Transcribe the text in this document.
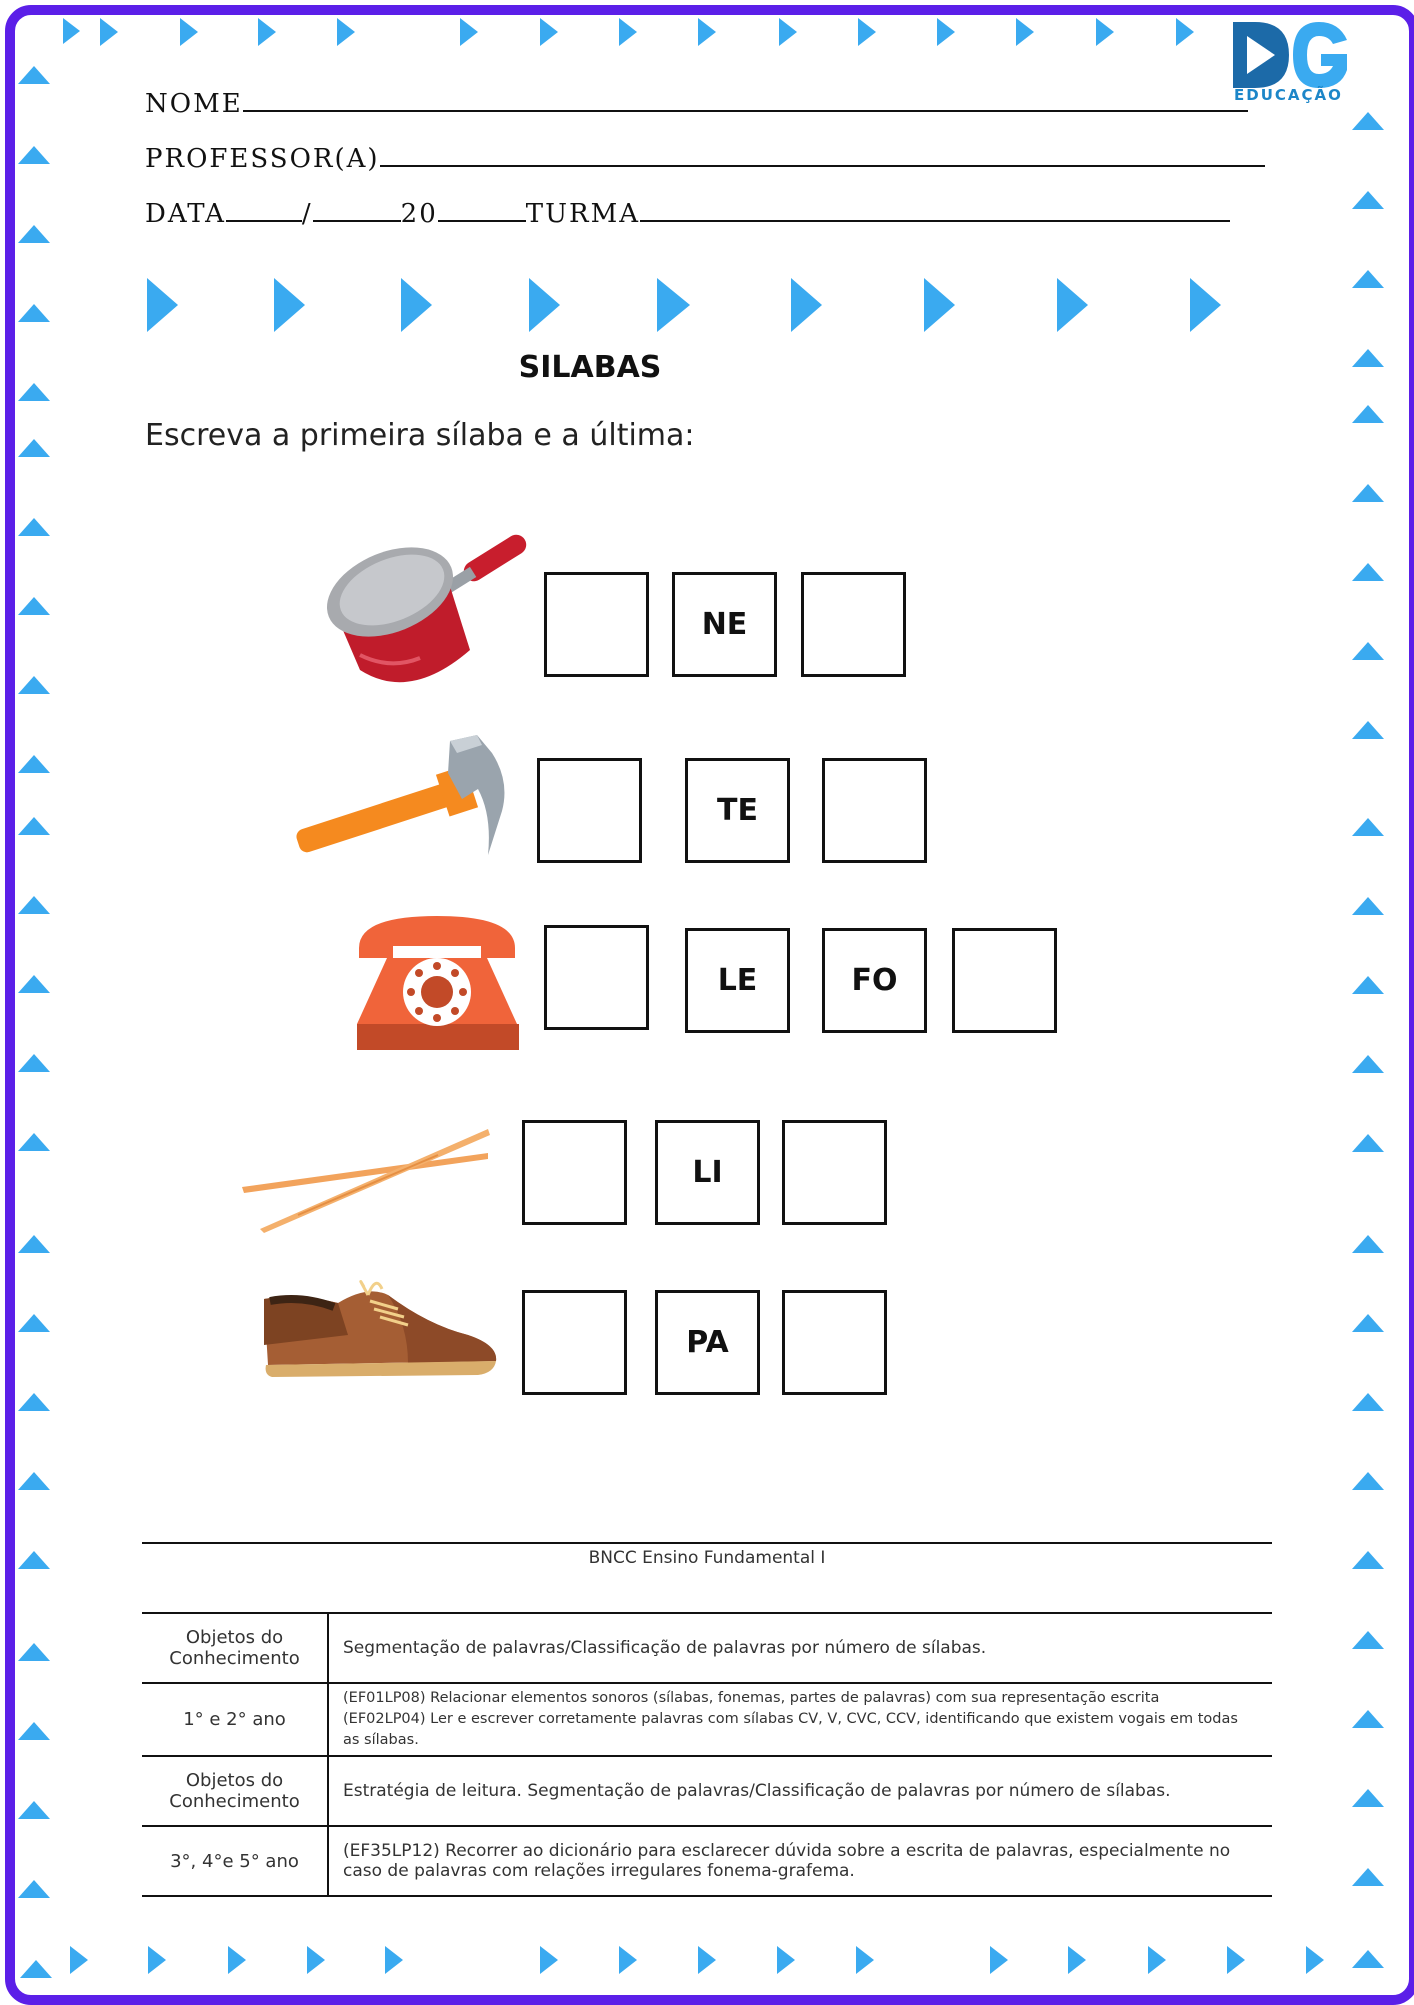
EDUCAÇÃO
NOME
PROFESSOR(A)
DATA	/	20	TURMA
SILABAS
Escreva a primeira sílaba e a última:
NE
TE
LE	FO
LI
PA
BNCC Ensino Fundamental I
Objetos do Conhecimento	Segmentação de palavras/Classificação de palavras por número de sílabas.
1° e 2° ano	(EF01LP08) Relacionar elementos sonoros (sílabas, fonemas, partes de palavras) com sua representação escrita
(EF02LP04) Ler e escrever corretamente palavras com sílabas CV, V, CVC, CCV, identificando que existem vogais em todas as sílabas.

Objetos do Conhecimento	Estratégia de leitura. Segmentação de palavras/Classificação de palavras por número de sílabas.
3°, 4°e 5° ano	(EF35LP12) Recorrer ao dicionário para esclarecer dúvida sobre a escrita de palavras, especialmente no caso de palavras com relações irregulares fonema-grafema.
